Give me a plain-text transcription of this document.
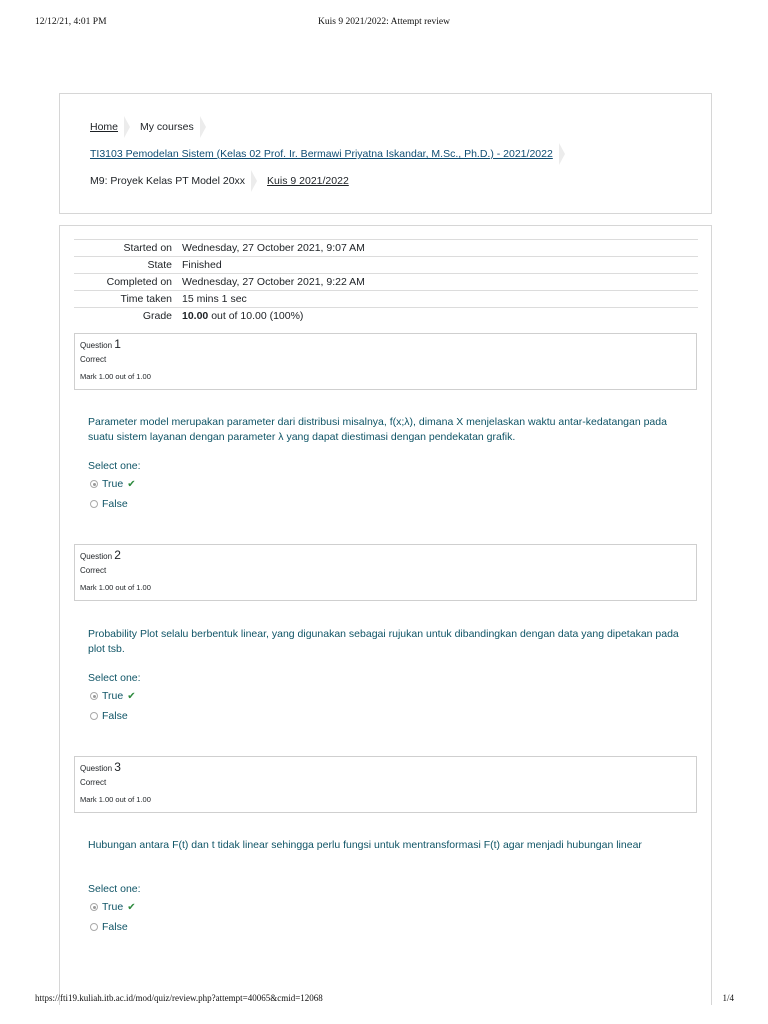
12/12/21, 4:01 PM	Kuis 9 2021/2022: Attempt review
Home My courses
TI3103 Pemodelan Sistem (Kelas 02 Prof. Ir. Bermawi Priyatna Iskandar, M.Sc., Ph.D.) - 2021/2022
M9: Proyek Kelas PT Model 20xx Kuis 9 2021/2022
Started on	Wednesday, 27 October 2021, 9:07 AM
State	Finished
Completed on	Wednesday, 27 October 2021, 9:22 AM
Time taken	15 mins 1 sec
Grade	10.00 out of 10.00 (100%)
Question 1
Correct
Mark 1.00 out of 1.00
Parameter model merupakan parameter dari distribusi misalnya, f(x;λ), dimana X menjelaskan waktu antar-kedatangan pada suatu sistem layanan dengan parameter λ yang dapat diestimasi dengan pendekatan grafik.
Select one:
True ✔
False
Question 2
Correct
Mark 1.00 out of 1.00
Probability Plot selalu berbentuk linear, yang digunakan sebagai rujukan untuk dibandingkan dengan data yang dipetakan pada plot tsb.
Select one:
True ✔
False
Question 3
Correct
Mark 1.00 out of 1.00
Hubungan antara F(t) dan t tidak linear sehingga perlu fungsi untuk mentransformasi F(t) agar menjadi hubungan linear
Select one:
True ✔
False
https://fti19.kuliah.itb.ac.id/mod/quiz/review.php?attempt=40065&cmid=12068	1/4
